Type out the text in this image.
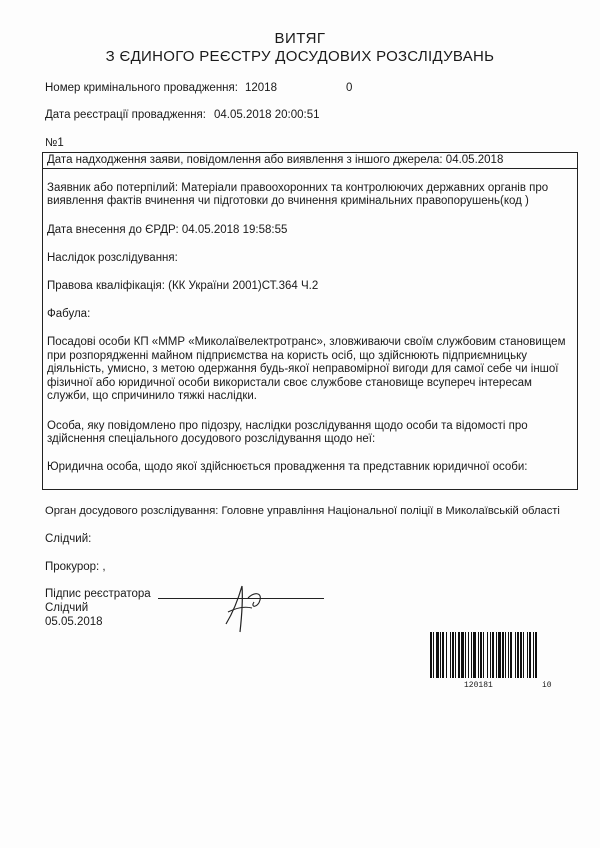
ВИТЯГ
З ЄДИНОГО РЕЄСТРУ ДОСУДОВИХ РОЗСЛІДУВАНЬ
Номер кримінального провадження: 12018	0
Дата реєстрації провадження: 04.05.2018 20:00:51
№1
Дата надходження заяви, повідомлення або виявлення з іншого джерела: 04.05.2018
Заявник або потерпілий: Матеріали правоохоронних та контролюючих державних органів про
виявлення фактів вчинення чи підготовки до вчинення кримінальних правопорушень(код )
Дата внесення до ЄРДР: 04.05.2018 19:58:55
Наслідок розслідування:
Правова кваліфікація: (КК України 2001)СТ.364 Ч.2
Фабула:

Посадові особи КП «ММР «Миколаївелектротранс», зловживаючи своїм службовим становищем

при розпорядженні майном підприємства на користь осіб, що здійснюють підприємницьку

діяльність, умисно, з метою одержання будь-якої неправомірної вигоди для самої себе чи іншої

фізичної або юридичної особи використали своє службове становище всупереч інтересам

служби, що спричинило тяжкі наслідки.

Особа, яку повідомлено про підозру, наслідки розслідування щодо особи та відомості про
здійснення спеціального досудового розслідування щодо неї:
Юридична особа, щодо якої здійснюється провадження та представник юридичної особи:
Орган досудового розслідування: Головне управління Національної поліції в Миколаївській області
Слідчий:
Прокурор: ,
Підпис реєстратора
Слідчий
05.05.2018
120181	i0
